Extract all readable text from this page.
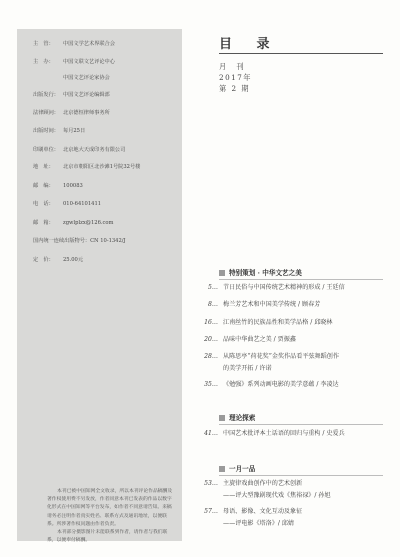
主　管： 中国文学艺术界联合会
主　办： 中国文联文艺评论中心
中国文艺评论家协会
出版发行： 中国文艺评论编辑部
法律顾问： 北京德恒律师事务所
出版时间： 每月25日
印刷单位： 北京地大天成印务有限公司
地　址： 北京市朝阳区北沙滩1号院32号楼
邮　编： 100083
电　话： 010-64101411
邮　箱： zgwlplzx@126.com
国内统一连续出版物号：CN 10-1342/J
定　价： 25.00元

本刊已被中国知网全文收录，所以本刊评论作品稿酬及著作权使用费不另发放，作者同意本刊已发表的作品以数字化形式在中国知网等平台发布，如作者不同意请告知。来稿请务必注明作者真实姓名、联系方式及通讯地址，以便联系。所涉著作权问题由作者负责。

本刊部分摄影图片未能联系到作者，请作者与我们联系，以便奉付稿酬。

目 录
月　刊
2017年
第 2 期
特别策划 · 中华文艺之美
5… 节日民俗与中国传统艺术精神的形成 / 王廷信
8… 梅兰芳艺术和中国美学传统 / 顾春芳
16… 江南丝竹的民族品性和美学品格 / 邱晓林
20… 品味中华曲艺之美 / 贾振鑫
28… 从陈思亭“荷花奖”金奖作品看平弦舞蹈创作
的美学开拓 / 许诺
35… 《勉强》系列动画电影的美学意蕴 / 李凌达
理论探索
41… 中国艺术批评本土话语的回归与重构 / 史爱兵
一月一品
53… 主旋律戏曲创作中的艺术创新
——评大型豫剧现代戏《焦裕禄》/ 孙旭
57… 母语、影像、文化互动及象征
——评电影《塔洛》/ 邱婧
